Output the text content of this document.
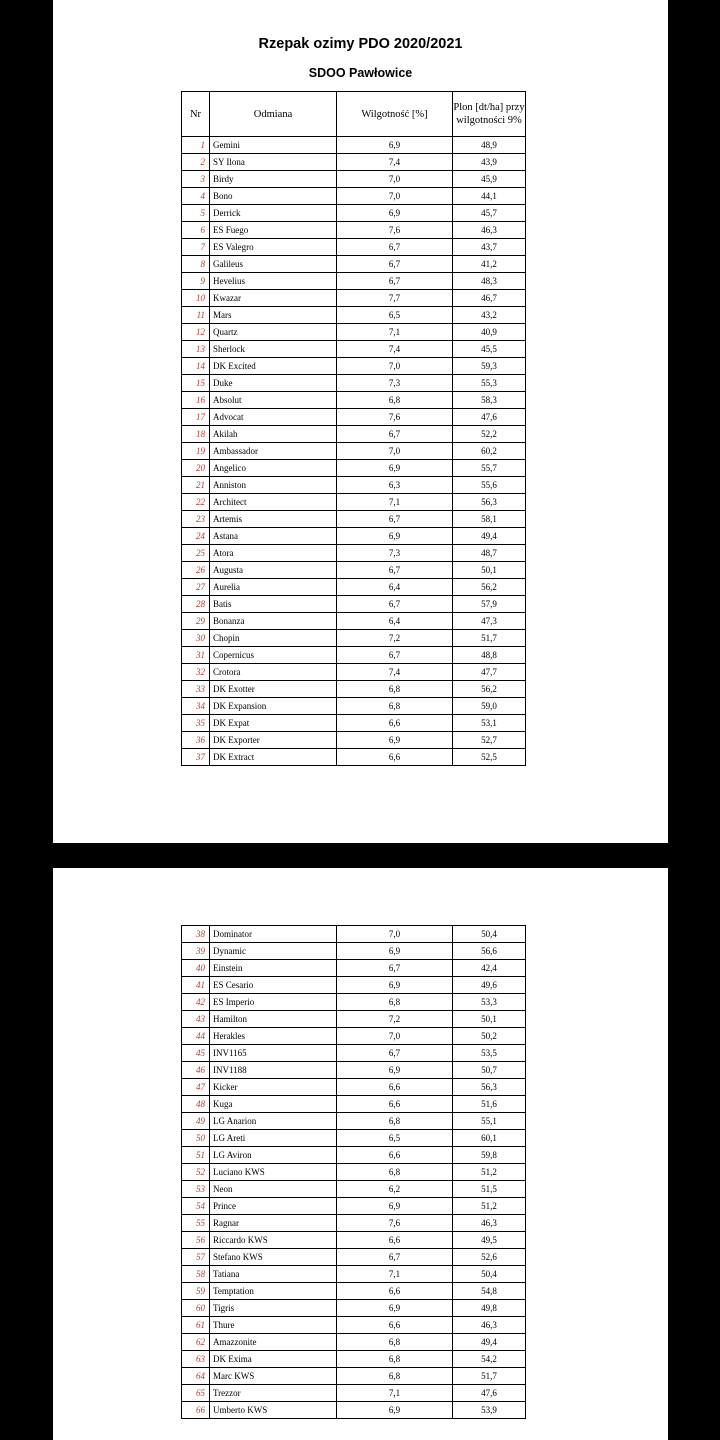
Rzepak ozimy PDO 2020/2021
SDOO Pawłowice
Nr	Odmiana	Wilgotność [%]	Plon [dt/ha] przy wilgotności 9%
1	Gemini	6,9	48,9
2	SY Ilona	7,4	43,9
3	Birdy	7,0	45,9
4	Bono	7,0	44,1
5	Derrick	6,9	45,7
6	ES Fuego	7,6	46,3
7	ES Valegro	6,7	43,7
8	Galileus	6,7	41,2
9	Hevelius	6,7	48,3
10	Kwazar	7,7	46,7
11	Mars	6,5	43,2
12	Quartz	7,1	40,9
13	Sherlock	7,4	45,5
14	DK Excited	7,0	59,3
15	Duke	7,3	55,3
16	Absolut	6,8	58,3
17	Advocat	7,6	47,6
18	Akilah	6,7	52,2
19	Ambassador	7,0	60,2
20	Angelico	6,9	55,7
21	Anniston	6,3	55,6
22	Architect	7,1	56,3
23	Artemis	6,7	58,1
24	Astana	6,9	49,4
25	Atora	7,3	48,7
26	Augusta	6,7	50,1
27	Aurelia	6,4	56,2
28	Batis	6,7	57,9
29	Bonanza	6,4	47,3
30	Chopin	7,2	51,7
31	Copernicus	6,7	48,8
32	Crotora	7,4	47,7
33	DK Exotter	6,8	56,2
34	DK Expansion	6,8	59,0
35	DK Expat	6,6	53,1
36	DK Exporter	6,9	52,7
37	DK Extract	6,6	52,5
38	Dominator	7,0	50,4
39	Dynamic	6,9	56,6
40	Einstein	6,7	42,4
41	ES Cesario	6,9	49,6
42	ES Imperio	6,8	53,3
43	Hamilton	7,2	50,1
44	Herakles	7,0	50,2
45	INV1165	6,7	53,5
46	INV1188	6,9	50,7
47	Kicker	6,6	56,3
48	Kuga	6,6	51,6
49	LG Anarion	6,8	55,1
50	LG Areti	6,5	60,1
51	LG Aviron	6,6	59,8
52	Luciano KWS	6,8	51,2
53	Neon	6,2	51,5
54	Prince	6,9	51,2
55	Ragnar	7,6	46,3
56	Riccardo KWS	6,6	49,5
57	Stefano KWS	6,7	52,6
58	Tatiana	7,1	50,4
59	Temptation	6,6	54,8
60	Tigris	6,9	49,8
61	Thure	6,6	46,3
62	Amazzonite	6,8	49,4
63	DK Exima	6,8	54,2
64	Marc KWS	6,8	51,7
65	Trezzor	7,1	47,6
66	Umberto KWS	6,9	53,9
